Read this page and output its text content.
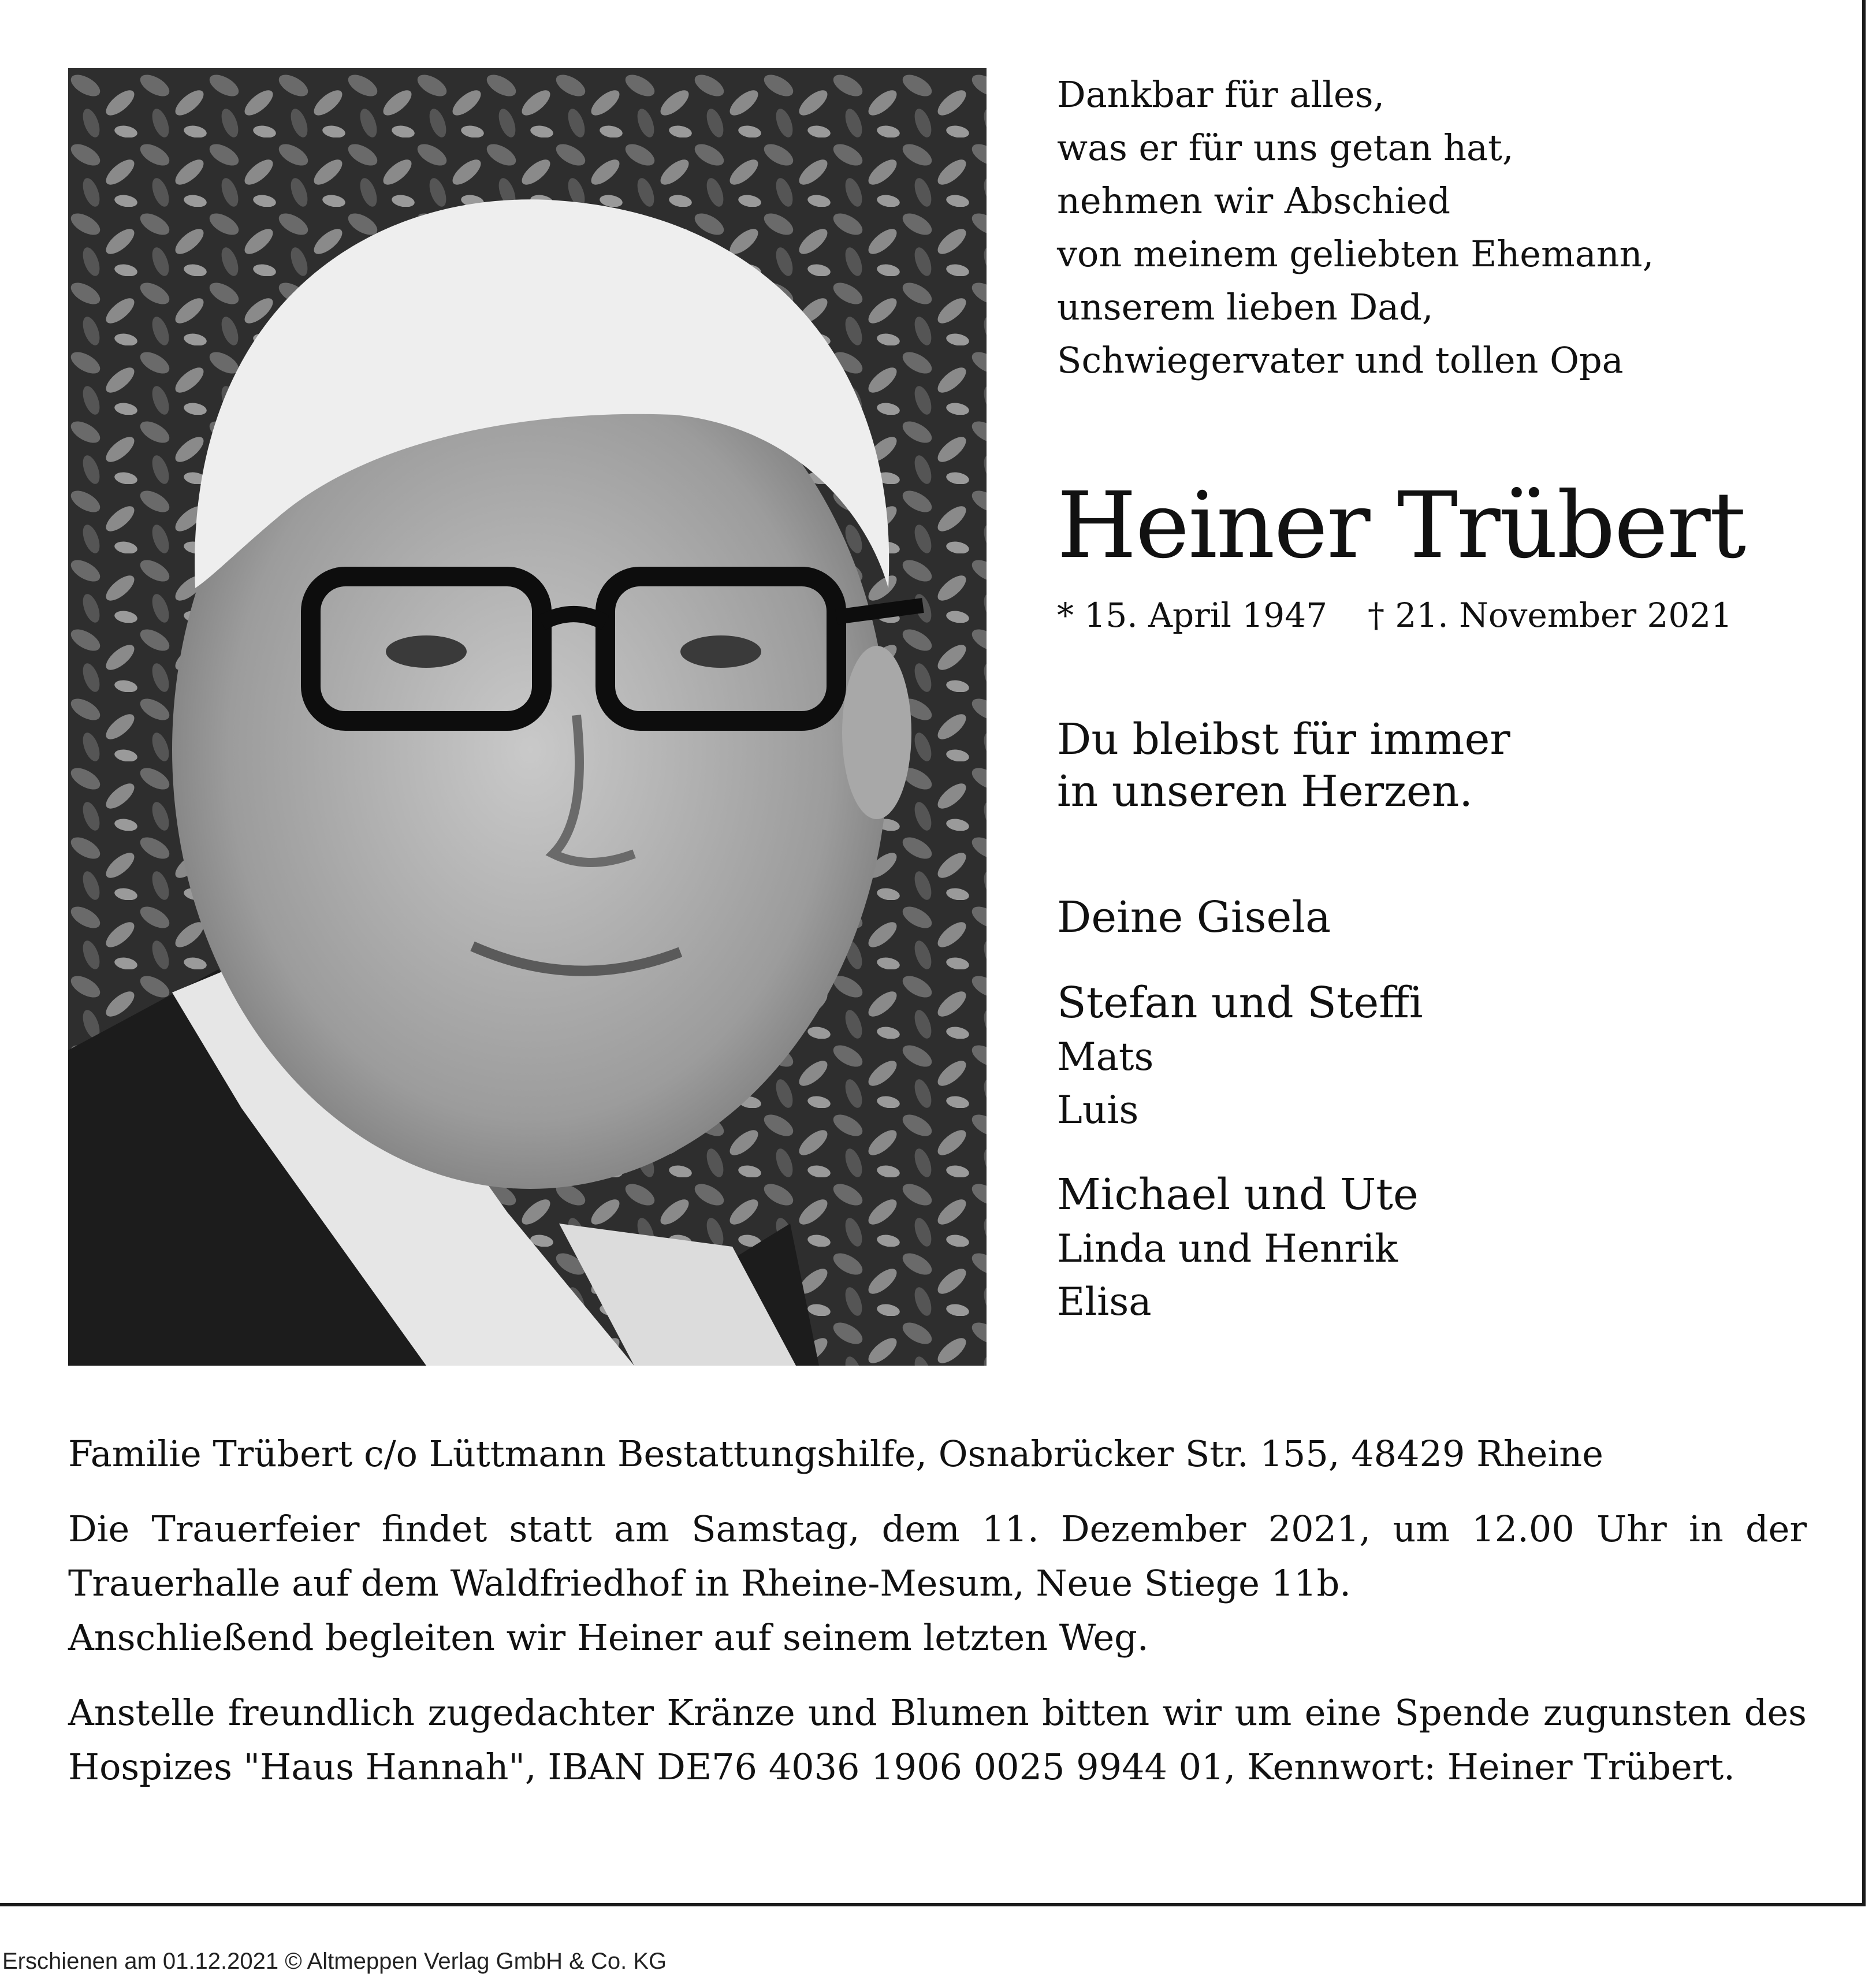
Dankbar für alles,
was er für uns getan hat,
nehmen wir Abschied
von meinem geliebten Ehemann,
unserem lieben Dad,
Schwiegervater und tollen Opa

Heiner Trübert
* 15. April 1947 † 21. November 2021
Du bleibst für immer
in unseren Herzen.
Deine Gisela
Stefan und Steffi
Mats
Luis
Michael und Ute
Linda und Henrik
Elisa

Familie Trübert c/o Lüttmann Bestattungshilfe, Osnabrücker Str. 155, 48429 Rheine

Die Trauerfeier findet statt am Samstag, dem 11. Dezember 2021, um 12.00 Uhr in der Trauerhalle auf dem Waldfriedhof in Rheine-Mesum, Neue Stiege 11b.
Anschließend begleiten wir Heiner auf seinem letzten Weg.

Anstelle freundlich zugedachter Kränze und Blumen bitten wir um eine Spende zugunsten des Hospizes "Haus Hannah", IBAN DE76 4036 1906 0025 9944 01, Kennwort: Heiner Trübert.

Erschienen am 01.12.2021 © Altmeppen Verlag GmbH & Co. KG
